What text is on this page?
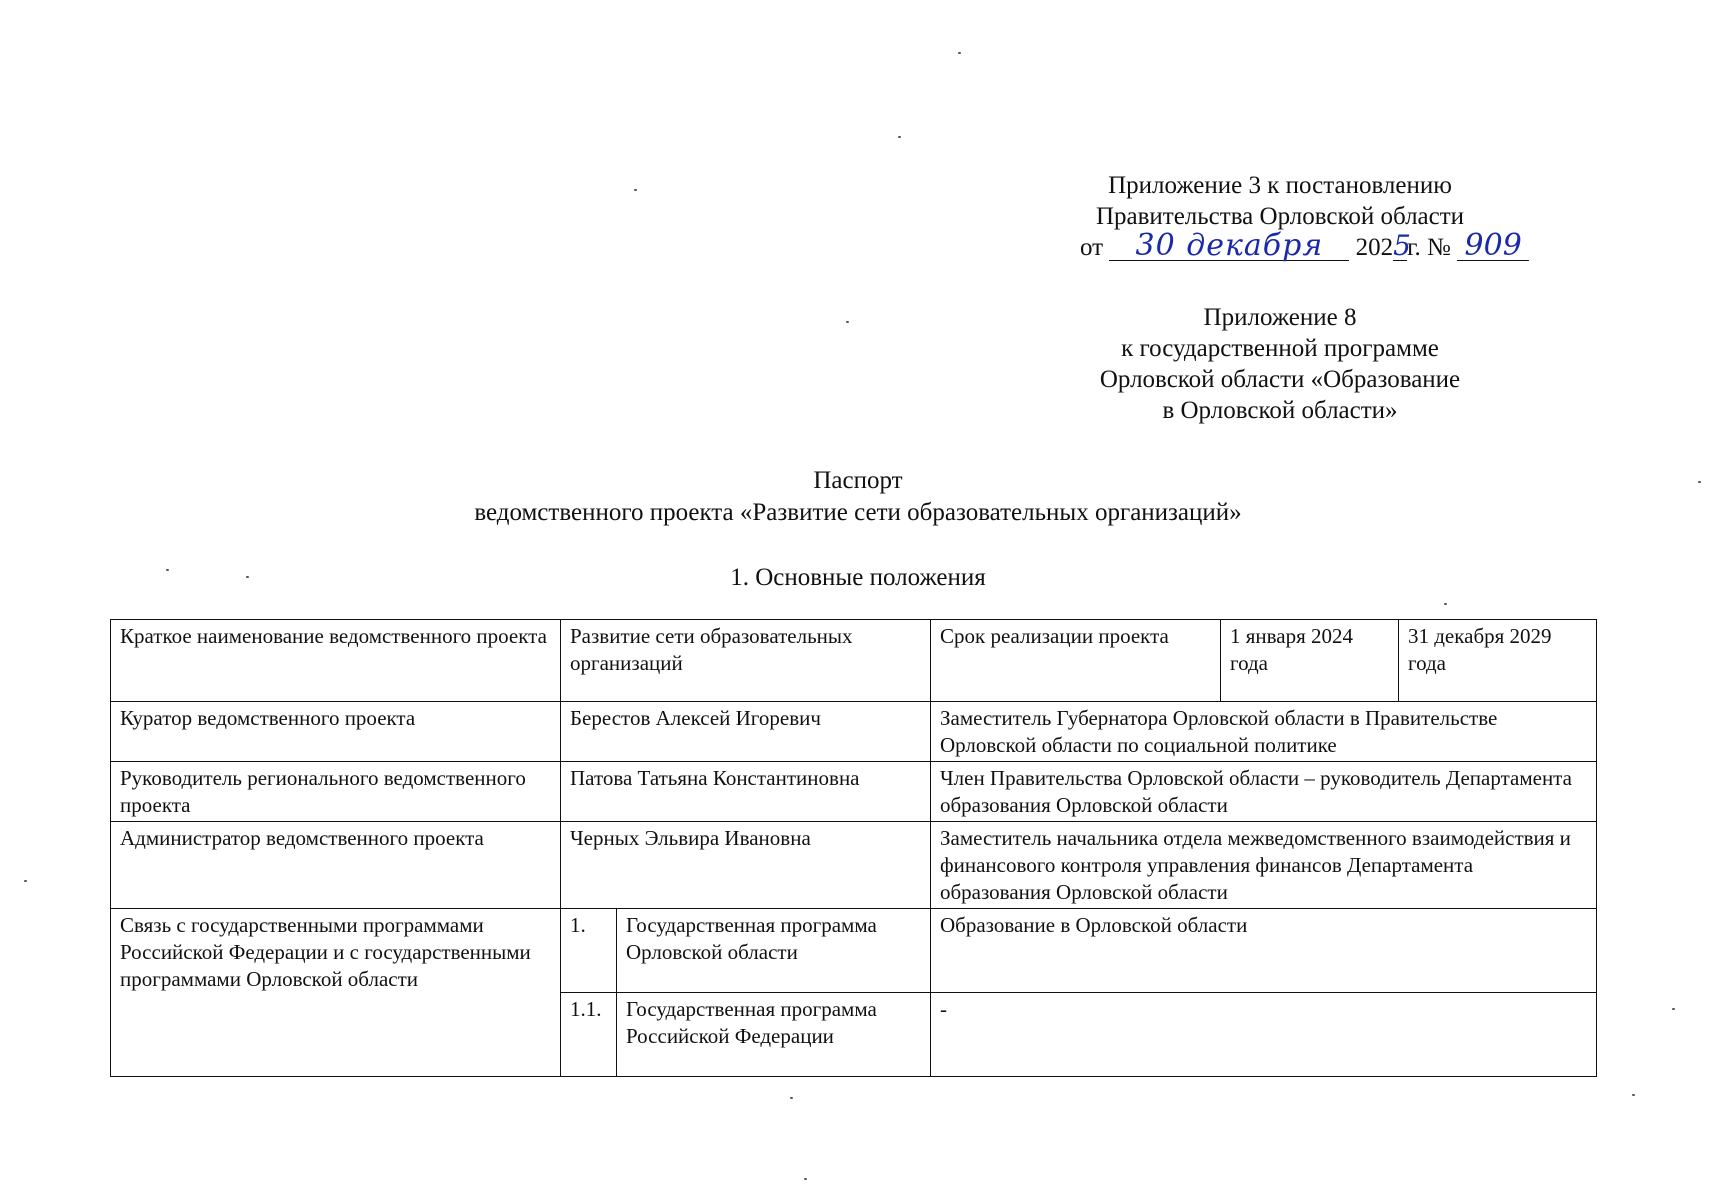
Приложение 3 к постановлению
Правительства Орловской области
от 30 декабря 2025г. № 909
Приложение 8
к государственной программе
Орловской области «Образование
в Орловской области»
Паспорт
ведомственного проекта «Развитие сети образовательных организаций»
1. Основные положения
Краткое наименование ведомственного проекта	Развитие сети образовательных организаций		Срок реализации проекта	1 января 2024 года	31 декабря 2029 года
Куратор ведомственного проекта	Берестов Алексей Игоревич		Заместитель Губернатора Орловской области в Правительстве Орловской области по социальной политике		
Руководитель регионального ведомственного проекта	Патова Татьяна Константиновна		Член Правительства Орловской области – руководитель Департамента образования Орловской области		
Администратор ведомственного проекта	Черных Эльвира Ивановна		Заместитель начальника отдела межведомственного взаимодействия и финансового контроля управления финансов Департамента образования Орловской области		
Связь с государственными программами Российской Федерации и с государственными программами Орловской области	1.	Государственная программа Орловской области	Образование в Орловской области		
	1.1.	Государственная программа Российской Федерации	-		
